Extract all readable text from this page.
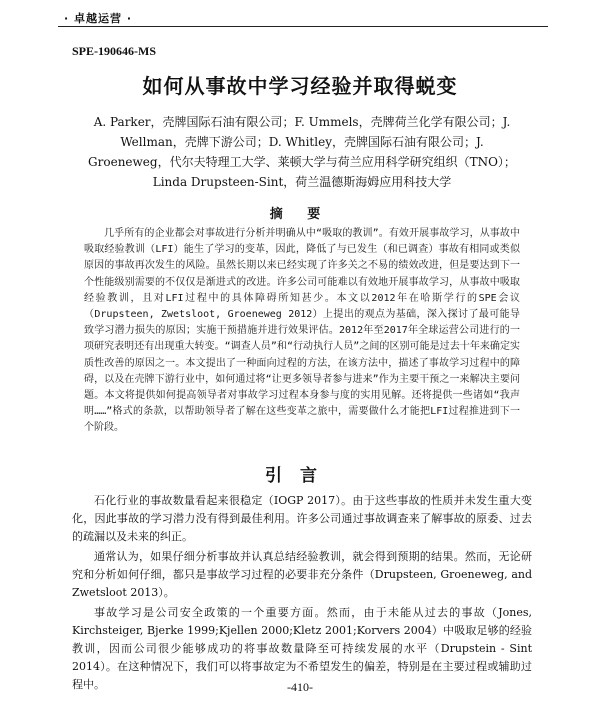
· 卓越运营 ·
SPE-190646-MS
如何从事故中学习经验并取得蜕变
A. Parker，壳牌国际石油有限公司；F. Ummels，壳牌荷兰化学有限公司；J. Wellman，壳牌下游公司；D. Whitley，壳牌国际石油有限公司；J. Groeneweg，代尔夫特理工大学、莱顿大学与荷兰应用科学研究组织（TNO）；Linda Drupsteen-Sint，荷兰温德斯海姆应用科技大学
摘 要
几乎所有的企业都会对事故进行分析并明确从中“吸取的教训”。有效开展事故学习，从事故中吸取经验教训（LFI）能生了学习的变革，因此，降低了与已发生（和已调查）事故有相同或类似原因的事故再次发生的风险。虽然长期以来已经实现了许多关之不易的绩效改进，但是要达到下一个性能级别需要的不仅仅是渐进式的改进。许多公司可能难以有效地开展事故学习，从事故中吸取经验教训，且对LFI过程中的具体障碍所知甚少。本文以2012年在哈斯学行的SPE会议（Drupsteen, Zwetsloot, Groeneweg 2012）上提出的观点为基础，深入探讨了最可能导致学习潜力损失的原因；实施干预措施并进行效果评估。2012年至2017年全球运营公司进行的一项研究表明还有出现重大转变。“调查人员”和“行动执行人员”之间的区别可能是过去十年来确定实质性改善的原因之一。本文提出了一种面向过程的方法，在该方法中，描述了事故学习过程中的障碍，以及在壳牌下游行业中，如何通过将“让更多领导者参与进来”作为主要干预之一来解决主要问题。本文将提供如何提高领导者对事故学习过程本身参与度的实用见解。还将提供一些诸如“我声明……”格式的条款，以帮助领导者了解在这些变革之旅中，需要做什么才能把LFI过程推进到下一个阶段。
引言

石化行业的事故数量看起来很稳定（IOGP 2017）。由于这些事故的性质并未发生重大变化，因此事故的学习潜力没有得到最佳利用。许多公司通过事故调查来了解事故的原委、过去的疏漏以及未来的纠正。

通常认为，如果仔细分析事故并认真总结经验教训，就会得到预期的结果。然而，无论研究和分析如何仔细，都只是事故学习过程的必要非充分条件（Drupsteen, Groeneweg, and Zwetsloot 2013）。

事故学习是公司安全政策的一个重要方面。然而，由于未能从过去的事故（Jones, Kirchsteiger, Bjerke 1999;Kjellen 2000;Kletz 2001;Korvers 2004）中吸取足够的经验教训，因而公司很少能够成功的将事故数量降至可持续发展的水平（Drupstein - Sint 2014）。在这种情况下，我们可以将事故定为不希望发生的偏差，特别是在主要过程或辅助过程中。	-410-
